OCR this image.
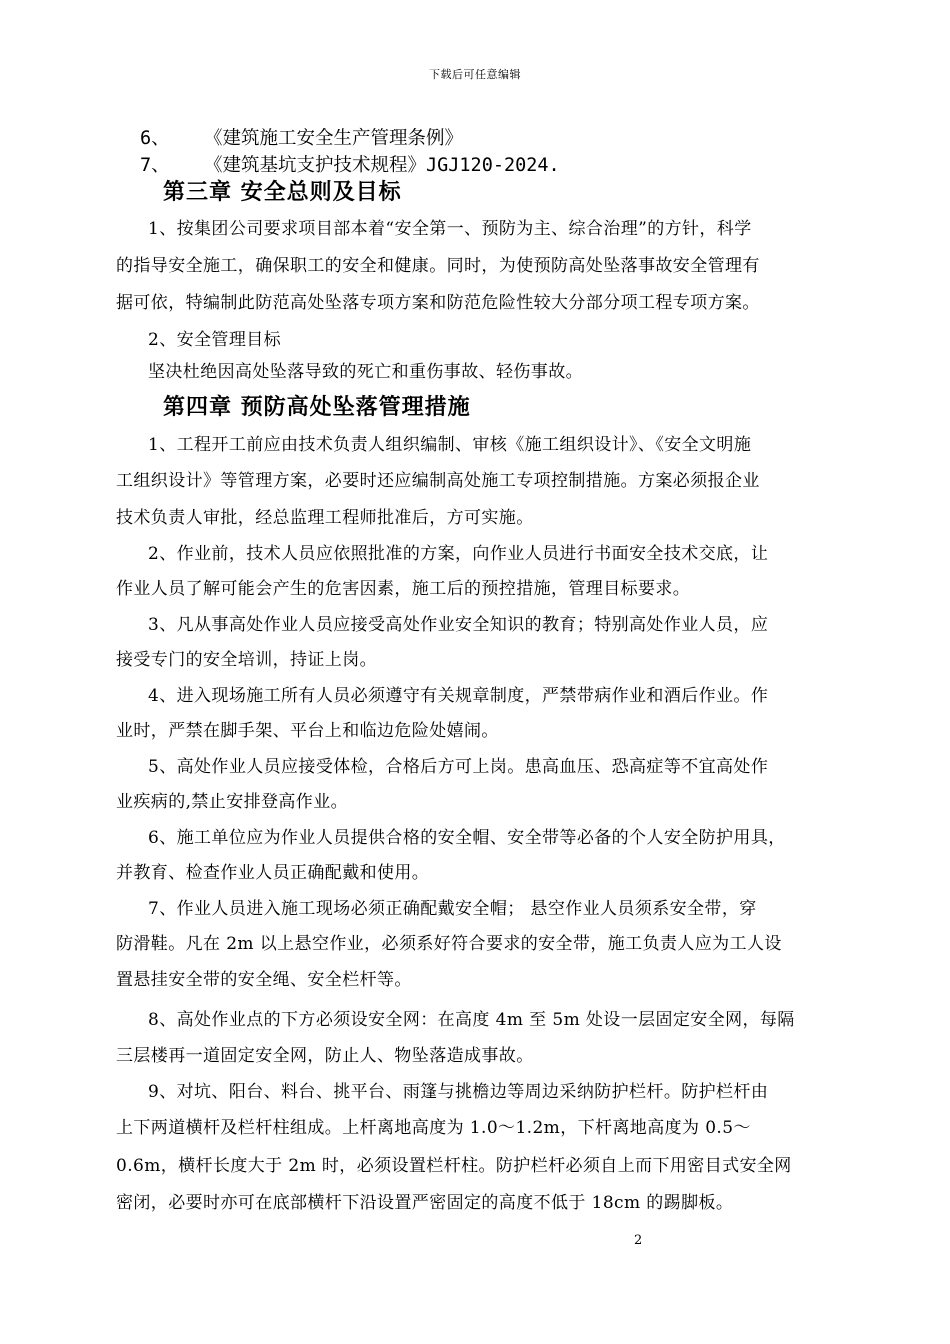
下载后可任意编辑
6、 《建筑施工安全生产管理条例》
7、 《建筑基坑支护技术规程》JGJ120-2024.
第三章 安全总则及目标
1、按集团公司要求项目部本着“安全第一、预防为主、综合治理”的方针，科学
的指导安全施工，确保职工的安全和健康。同时，为使预防高处坠落事故安全管理有
据可依，特编制此防范高处坠落专项方案和防范危险性较大分部分项工程专项方案。
2、安全管理目标
坚决杜绝因高处坠落导致的死亡和重伤事故、轻伤事故。
第四章 预防高处坠落管理措施
1、工程开工前应由技术负责人组织编制、审核《施工组织设计》、《安全文明施
工组织设计》等管理方案，必要时还应编制高处施工专项控制措施。方案必须报企业
技术负责人审批，经总监理工程师批准后，方可实施。
2、作业前，技术人员应依照批准的方案，向作业人员进行书面安全技术交底，让
作业人员了解可能会产生的危害因素，施工后的预控措施，管理目标要求。
3、凡从事高处作业人员应接受高处作业安全知识的教育；特别高处作业人员，应
接受专门的安全培训，持证上岗。
4、进入现场施工所有人员必须遵守有关规章制度，严禁带病作业和酒后作业。作
业时，严禁在脚手架、平台上和临边危险处嬉闹。
5、高处作业人员应接受体检，合格后方可上岗。患高血压、恐高症等不宜高处作
业疾病的,禁止安排登高作业。
6、施工单位应为作业人员提供合格的安全帽、安全带等必备的个人安全防护用具，
并教育、检查作业人员正确配戴和使用。
7、作业人员进入施工现场必须正确配戴安全帽； 悬空作业人员须系安全带，穿
防滑鞋。凡在 2m 以上悬空作业，必须系好符合要求的安全带，施工负责人应为工人设
置悬挂安全带的安全绳、安全栏杆等。
8、高处作业点的下方必须设安全网：在高度 4m 至 5m 处设一层固定安全网，每隔
三层楼再一道固定安全网，防止人、物坠落造成事故。
9、对坑、阳台、料台、挑平台、雨篷与挑檐边等周边采纳防护栏杆。防护栏杆由
上下两道横杆及栏杆柱组成。上杆离地高度为 1.0～1.2m，下杆离地高度为 0.5～
0.6m，横杆长度大于 2m 时，必须设置栏杆柱。防护栏杆必须自上而下用密目式安全网
密闭，必要时亦可在底部横杆下沿设置严密固定的高度不低于 18cm 的踢脚板。
2
